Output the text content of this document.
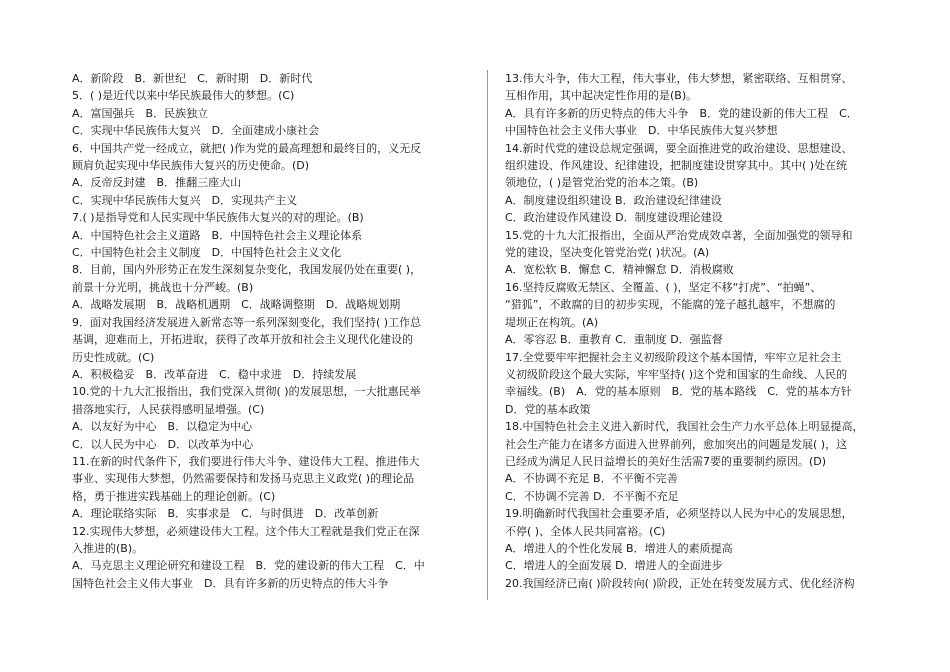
A．新阶段　B．新世纪　C．新时期　D．新时代
5．( )是近代以来中华民族最伟大的梦想。(C)
A．富国强兵　B．民族独立
C．实现中华民族伟大复兴　D．全面建成小康社会
6．中国共产党一经成立，就把( )作为党的最高理想和最终目的，义无反
顾肩负起实现中华民族伟大复兴的历史使命。(D)
A．反帝反封建　B．推翻三座大山
C．实现中华民族伟大复兴　D．实现共产主义
7.( )是指导党和人民实现中华民族伟大复兴的对的理论。(B)
A．中国特色社会主义道路　B．中国特色社会主义理论体系
C．中国特色社会主义制度　D．中国特色社会主义文化
8．目前，国内外形势正在发生深刻复杂变化，我国发展仍处在重要( )，
前景十分光明，挑战也十分严峻。(B)
A．战略发展期　B．战略机遇期　C．战略调整期　D．战略规划期
9．面对我国经济发展进入新常态等一系列深刻变化，我们坚持( )工作总
基调，迎难而上，开拓进取，获得了改革开放和社会主义现代化建设的
历史性成就。(C)
A．积极稳妥　B．改革奋进　C．稳中求进　D．持续发展
10.党的十九大汇报指出，我们党深入贯彻( )的发展思想，一大批惠民举
措落地实行，人民获得感明显增强。(C)
A．以友好为中心　B．以稳定为中心
C．以人民为中心　D．以改革为中心
11.在新的时代条件下，我们要进行伟大斗争、建设伟大工程、推进伟大
事业、实现伟大梦想，仍然需要保持和发扬马克思主义政党( )的理论品
格，勇于推进实践基础上的理论创新。(C)
A．理论联络实际　B．实事求是　C．与时俱进　D．改革创新
12.实现伟大梦想，必须建设伟大工程。这个伟大工程就是我们党正在深
入推进的(B)。
A．马克思主义理论研究和建设工程　B．党的建设新的伟大工程　C．中
国特色社会主义伟大事业　D．具有许多新的历史特点的伟大斗争
13.伟大斗争，伟大工程，伟大事业，伟大梦想，紧密联络、互相贯穿、
互相作用，其中起决定性作用的是(B)。
A．具有许多新的历史特点的伟大斗争　B．党的建设新的伟大工程　C．
中国特色社会主义伟大事业　D．中华民族伟大复兴梦想
14.新时代党的建设总规定强调，要全面推进党的政治建设、思想建设、
组织建设、作风建设、纪律建设，把制度建设贯穿其中。其中( )处在统
领地位，( )是管党治党的治本之策。(B)
A．制度建设组织建设 B．政治建设纪律建设
C．政治建设作风建设 D．制度建设理论建设
15.党的十九大汇报指出，全面从严治党成效卓著，全面加强党的领导和
党的建设，坚决变化管党治党( )状况。(A)
A．宽松软 B．懈怠 C．精神懈怠 D．消极腐败
16.坚持反腐败无禁区、全覆盖、( )，坚定不移“打虎”、“拍蝇”、
“猎狐”，不敢腐的目的初步实现，不能腐的笼子越扎越牢，不想腐的
堤坝正在构筑。(A)
A．零容忍 B．重教育 C．重制度 D．强监督
17.全党要牢牢把握社会主义初级阶段这个基本国情，牢牢立足社会主
义初级阶段这个最大实际，牢牢坚持( )这个党和国家的生命线、人民的
幸福线。(B)　A．党的基本原则　B．党的基本路线　C．党的基本方针
D．党的基本政策
18.中国特色社会主义进入新时代，我国社会生产力水平总体上明显提高，
社会生产能力在诸多方面进入世界前列，愈加突出的问题是发展( )，这
已经成为满足人民日益增长的美好生活需7要的重要制约原因。(D)
A．不协调不充足 B．不平衡不完善
C．不协调不完善 D．不平衡不充足
19.明确新时代我国社会重要矛盾，必须坚持以人民为中心的发展思想，
不停( )、全体人民共同富裕。(C)
A．增进人的个性化发展 B．增进人的素质提高
C．增进人的全面发展 D．增进人的全面进步
20.我国经济已南( )阶段转向( )阶段，正处在转变发展方式、优化经济构
